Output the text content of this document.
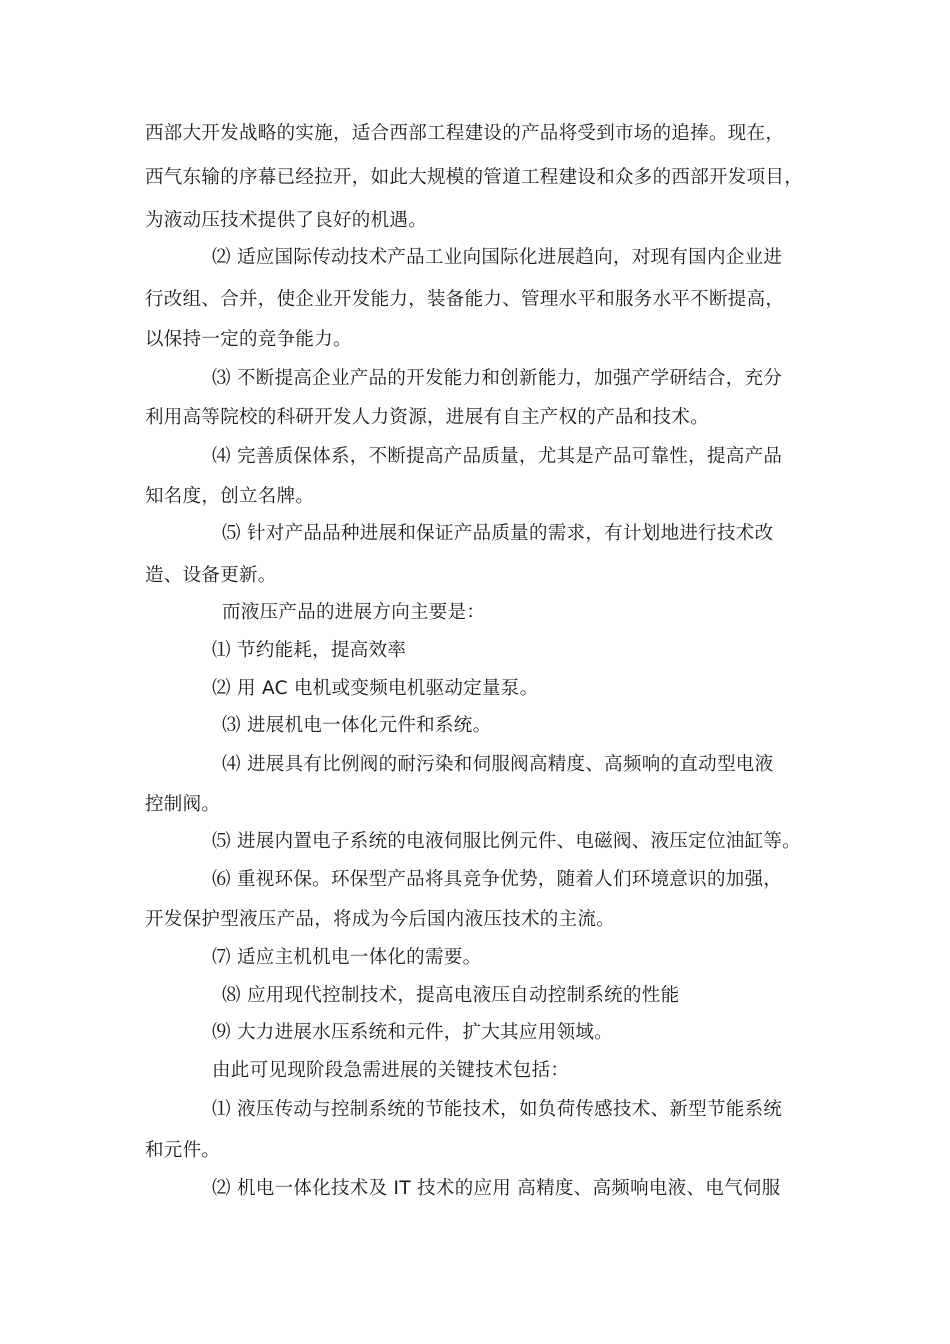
西部大开发战略的实施，适合西部工程建设的产品将受到市场的追捧。现在，
西气东输的序幕已经拉开，如此大规模的管道工程建设和众多的西部开发项目，
为液动压技术提供了良好的机遇。
⑵ 适应国际传动技术产品工业向国际化进展趋向，对现有国内企业进
行改组、合并，使企业开发能力，装备能力、管理水平和服务水平不断提高，
以保持一定的竞争能力。
⑶ 不断提高企业产品的开发能力和创新能力，加强产学研结合，充分
利用高等院校的科研开发人力资源，进展有自主产权的产品和技术。
⑷ 完善质保体系，不断提高产品质量，尤其是产品可靠性，提高产品
知名度，创立名牌。
⑸ 针对产品品种进展和保证产品质量的需求，有计划地进行技术改
造、设备更新。
而液压产品的进展方向主要是：
⑴ 节约能耗，提高效率
⑵ 用 AC 电机或变频电机驱动定量泵。
⑶ 进展机电一体化元件和系统。
⑷ 进展具有比例阀的耐污染和伺服阀高精度、高频响的直动型电液
控制阀。
⑸ 进展内置电子系统的电液伺服比例元件、电磁阀、液压定位油缸等。
⑹ 重视环保。环保型产品将具竞争优势，随着人们环境意识的加强，
开发保护型液压产品，将成为今后国内液压技术的主流。
⑺ 适应主机机电一体化的需要。
⑻ 应用现代控制技术，提高电液压自动控制系统的性能
⑼ 大力进展水压系统和元件，扩大其应用领域。
由此可见现阶段急需进展的关键技术包括：
⑴ 液压传动与控制系统的节能技术，如负荷传感技术、新型节能系统
和元件。
⑵ 机电一体化技术及 IT 技术的应用 高精度、高频响电液、电气伺服
